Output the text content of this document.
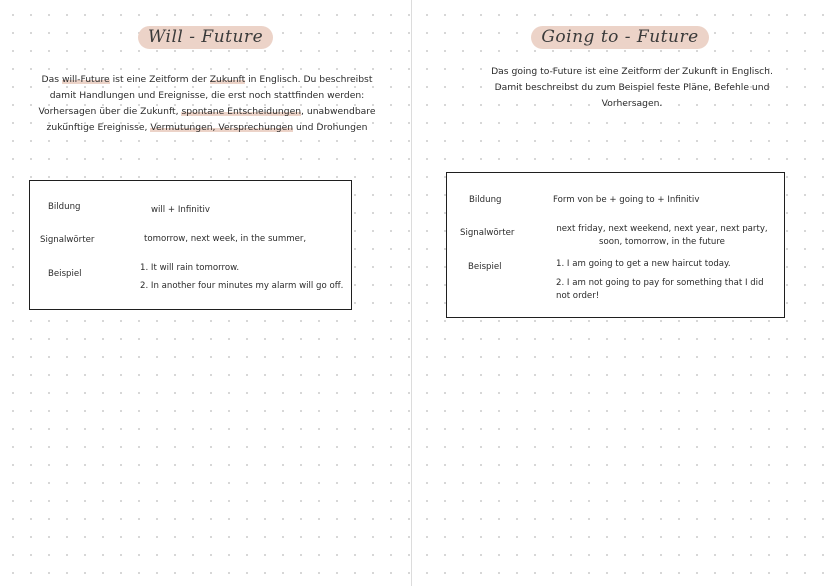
Will - Future
Das will-Future ist eine Zeitform der Zukunft in Englisch. Du beschreibst damit Handlungen und Ereignisse, die erst noch stattfinden werden: Vorhersagen über die Zukunft, spontane Entscheidungen, unabwendbare zukünftige Ereignisse, Vermutungen, Versprechungen und Drohungen
Bildung	will + Infinitiv
Signalwörter	tomorrow, next week, in the summer,
Beispiel
1. It will rain tomorrow.
2. In another four minutes my alarm will go off.
Going to - Future
Das going to-Future ist eine Zeitform der Zukunft in Englisch. Damit beschreibst du zum Beispiel feste Pläne, Befehle und Vorhersagen.
Bildung	Form von be + going to + Infinitiv
Signalwörter	next friday, next weekend, next year, next party, soon, tomorrow, in the future
Beispiel	1. I am going to get a new haircut today.
2. I am not going to pay for something that I did not order!
